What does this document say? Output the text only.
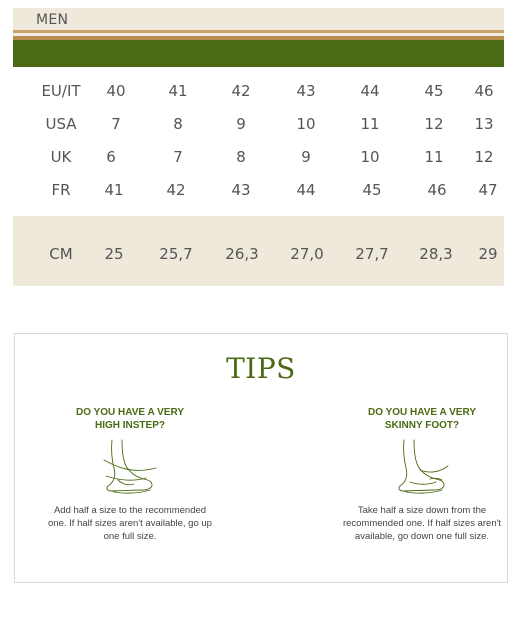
MEN
EU/IT	40	41	42	43	44	45	46
USA	7	8	9	10	11	12	13
UK	6	7	8	9	10	11	12
FR	41	42	43	44	45	46	47
CM	25	25,7 26,3 27,0 27,7 28,3 29
TIPS
DO YOU HAVE A VERY HIGH INSTEP?
Add half a size to the recommended one. If half sizes aren't available, go up one full size.
DO YOU HAVE A VERY SKINNY FOOT?
Take half a size down from the recommended one. If half sizes aren't available, go down one full size.
